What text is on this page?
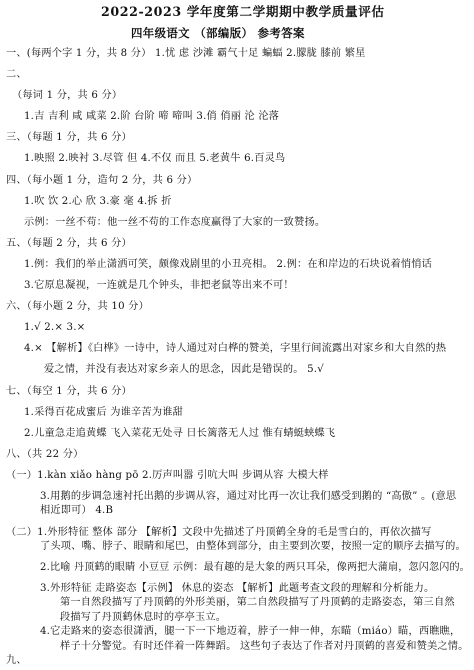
2022-2023 学年度第二学期期中教学质量评估
四年级语文 （部编版） 参考答案
一、(每两个字 1 分，共 8 分） 1.忧 虑 沙滩 霸气十足 蝙蝠 2.朦胧 膝前 繁星
二、
（每词 1 分，共 6 分）
1.吉 吉利 咸 咸菜 2.阶 台阶 啼 啼叫 3.俏 俏丽 沦 沦落
三、（每题 1 分，共 6 分）
1.映照 2.映衬 3.尽管 但 4.不仅 而且 5.老黄牛 6.百灵鸟
四、（每小题 1 分，造句 2 分，共 6 分）
1.吹 饮 2.心 欣 3.豪 毫 4.拆 折
示例：一丝不苟：他一丝不苟的工作态度赢得了大家的一致赞扬。
五、（每题 2 分，共 6 分）
1.例：我们的举止潇洒可笑，颇像戏剧里的小丑亮相。 2.例：在和岸边的石块说着悄悄话
3.它原息凝视，一连就是几个钟头，非把老鼠等出来不可！
六、（每小题 2 分，共 10 分）
1.√ 2.× 3.×
4.× 【解析】《白桦》一诗中，诗人通过对白桦的赞美，字里行间流露出对家乡和大自然的热
爱之情，并没有表达对家乡亲人的思念，因此是错误的。 5.√
七、（每空 1 分，共 6 分）
1.采得百花成蜜后 为谁辛苦为谁甜
2.儿童急走追黄蝶 飞入菜花无处寻 日长篱落无人过 惟有蜻蜓蛱蝶飞
八、（共 22 分）
（一）1.kàn xiǎo hàng pō 2.厉声叫嚣 引吭大叫 步调从容 大模大样
3.用鹅的步调急速衬托出鹅的步调从容，通过对比再一次让我们感受到鹅的 “高傲” 。(意思
相近即可） 4.B
（二）1.外形特征 整体 部分 【解析】文段中先描述了丹顶鹤全身的毛是雪白的，再依次描写
了头项、嘴、脖子、眼睛和尾巴，由整体到部分，由主要到次要，按照一定的顺序去描写的。
2.比喻 丹顶鹤的眼睛 小豆豆 示例：最有趣的是大象的两只耳朵，像两把大蒲扇，忽闪忽闪的。
3.外形特征 走路姿态【示例】 休息的姿态 【解析】此题考查文段的理解和分析能力。
第一自然段描写了丹顶鹤的外形美丽，第二自然段描写了丹顶鹤的走路姿态，第三自然
段描写了丹顶鹤休息时的亭亭玉立。
4.它走路来的姿态很潇洒，腿一下一下地迈着，脖子一伸一伸，东瞄（miáo）瞄，西瞧瞧，
样子十分警觉。有时还伴着一阵舞蹈。 这些句子表达了作者对丹顶鹤的喜爱和赞美之情。
九、
